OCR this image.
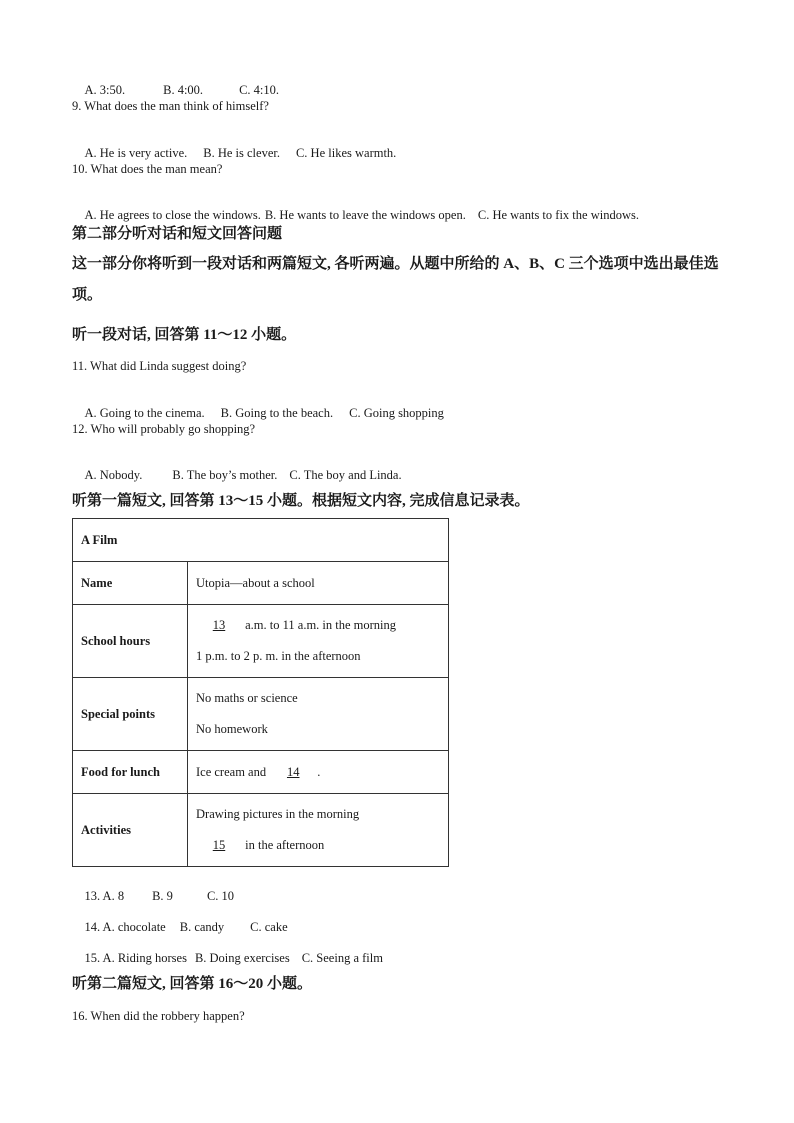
A. 3:50.	B. 4:00.	C. 4:10.

9. What does the man think of himself?

A. He is very active. B. He is clever. C. He likes warmth.

10. What does the man mean?

A. He agrees to close the windows. B. He wants to leave the windows open. C. He wants to fix the windows.

第二部分听对话和短文回答问题
这一部分你将听到一段对话和两篇短文, 各听两遍。从题中所给的 A、B、C 三个选项中选出最佳选项。
听一段对话, 回答第 11～12 小题。
11. What did Linda suggest doing?

A. Going to the cinema. B. Going to the beach. C. Going shopping

12. Who will probably go shopping?

A. Nobody. B. The boy’s mother. C. The boy and Linda.

听第一篇短文, 回答第 13～15 小题。根据短文内容, 完成信息记录表。
A Film	
Name	Utopia—about a school
School hours	13 a.m. to 11 a.m. in the morning
1 p.m. to 2 p. m. in the afternoon

Special points	No maths or science
No homework

Food for lunch	Ice cream and 14 .
Activities	Drawing pictures in the morning
15 in the afternoon

13. A. 8 B. 9	C. 10

14. A. chocolate B. candy C. cake

15. A. Riding horses B. Doing exercises C. Seeing a film

听第二篇短文, 回答第 16～20 小题。
16. When did the robbery happen?
